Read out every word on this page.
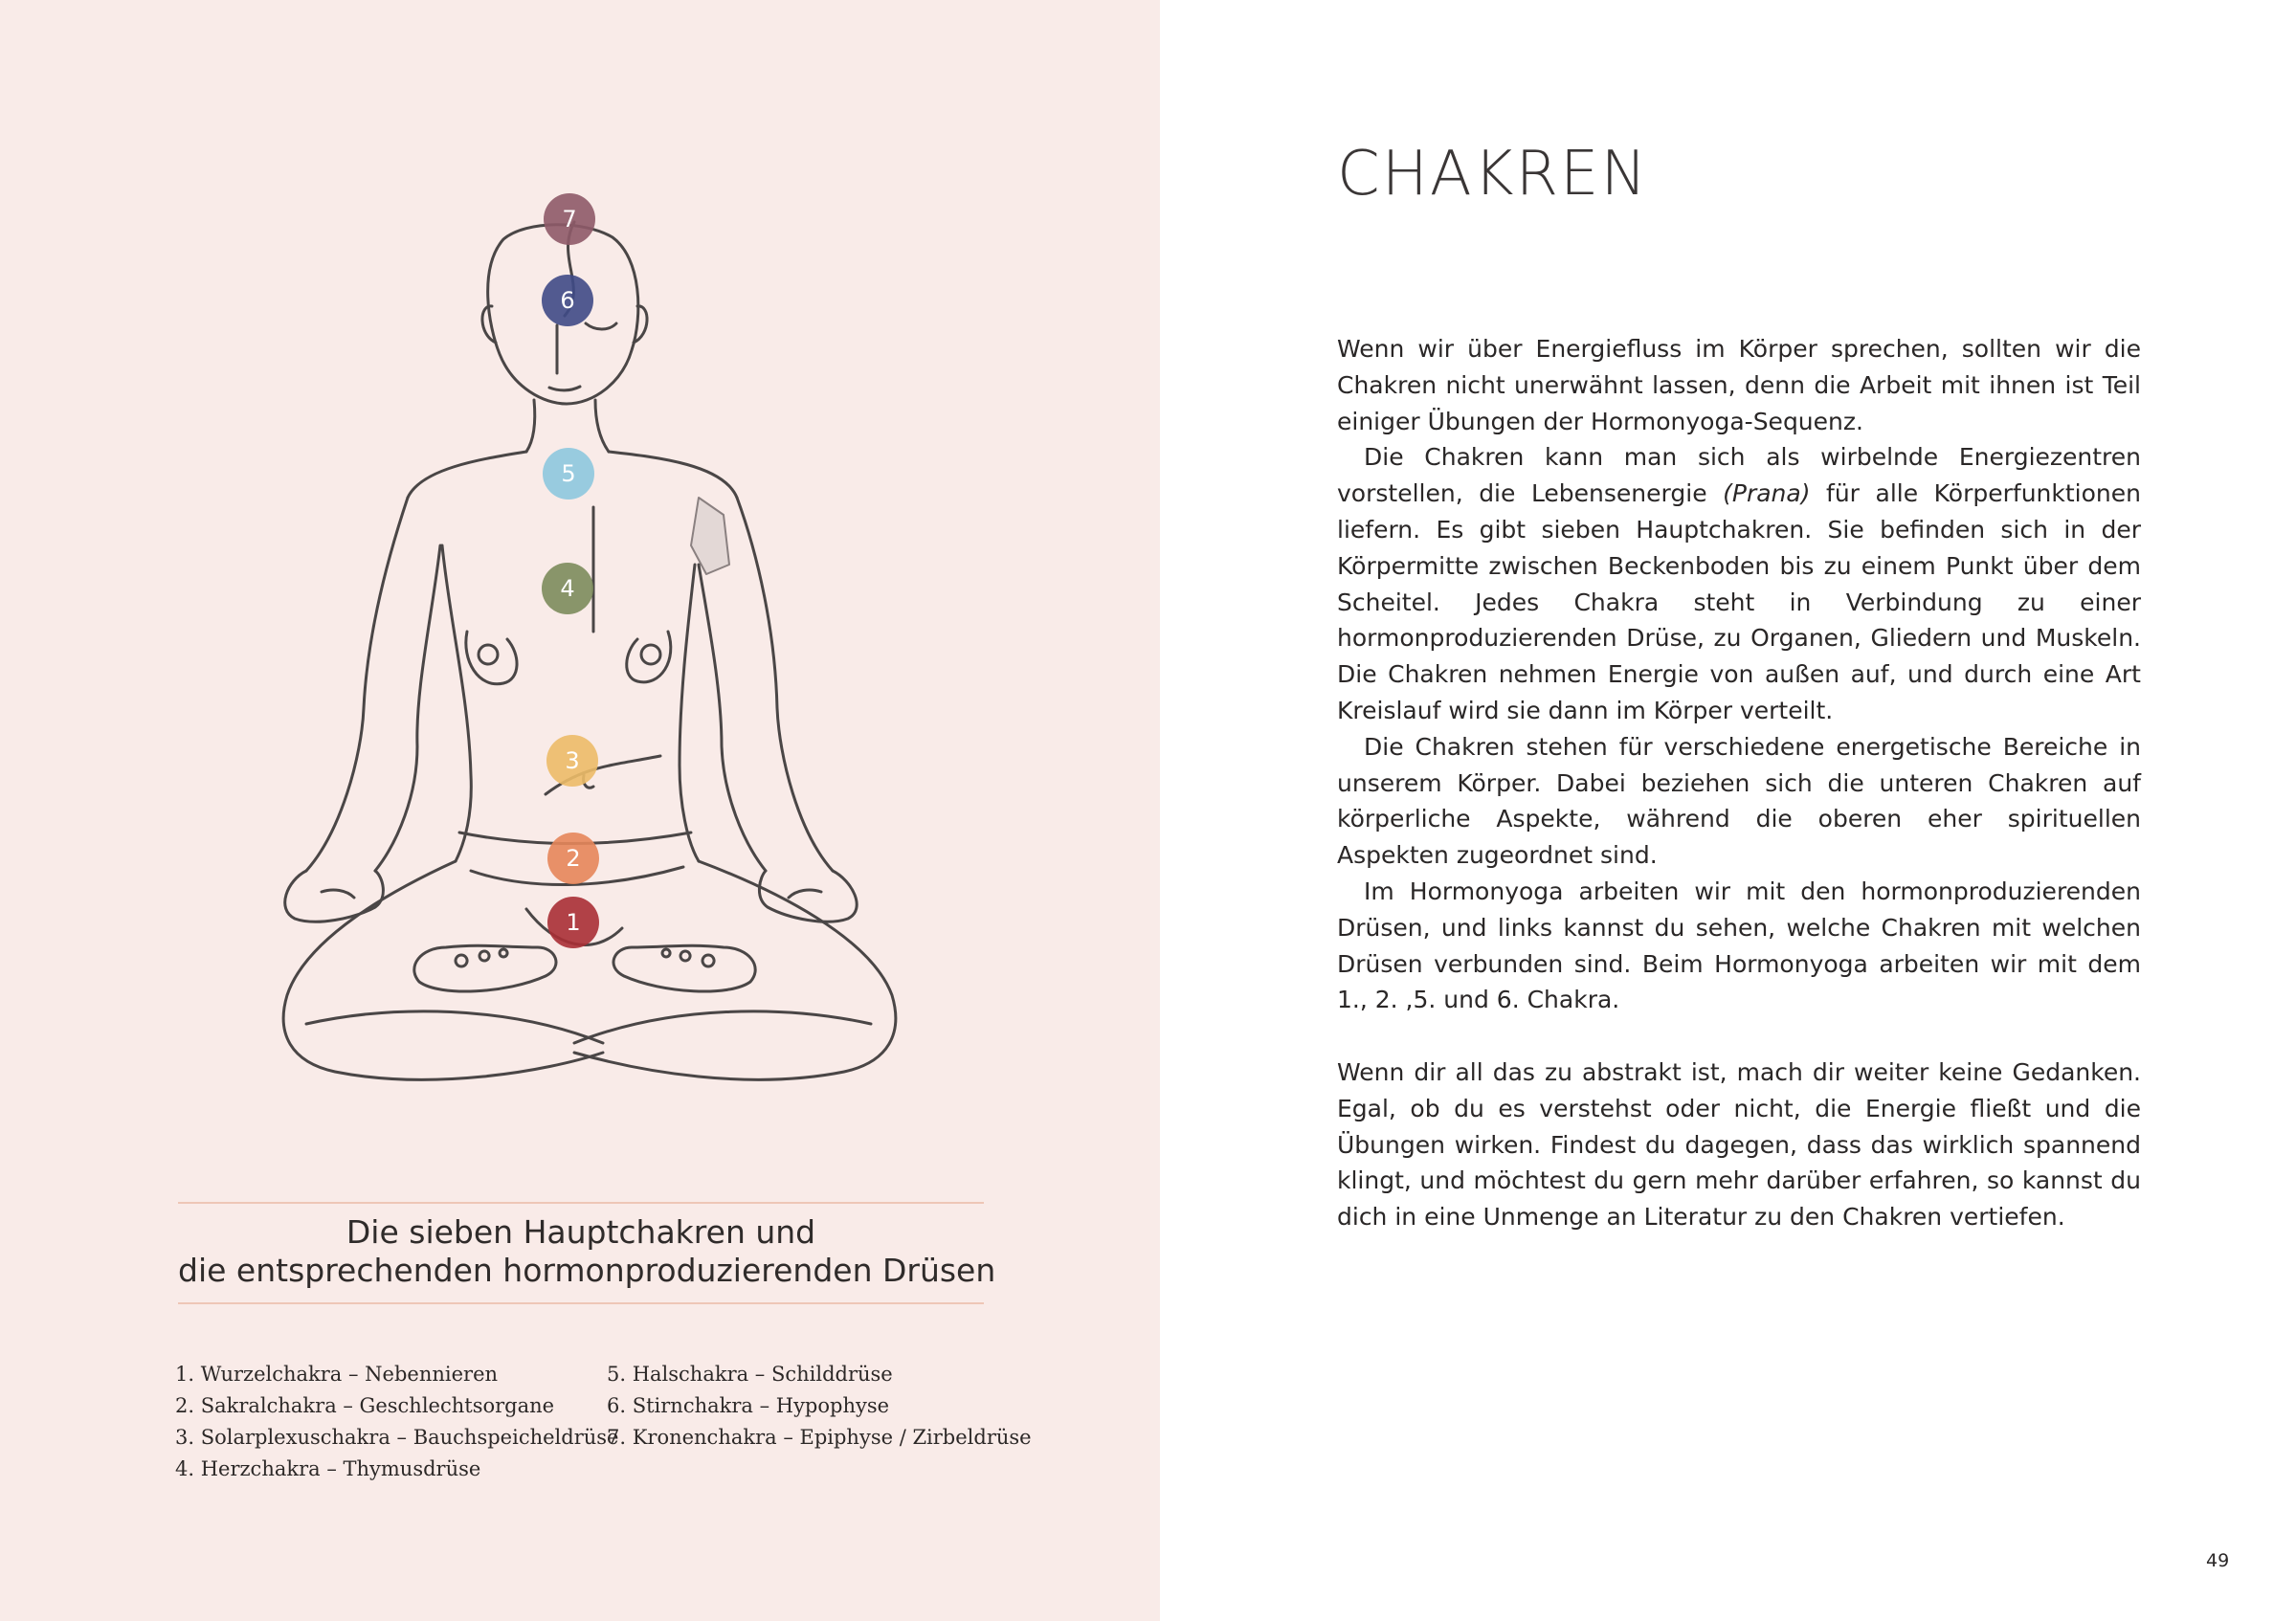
7
6
5
4
3
2
1
Die sieben Hauptchakren und
die entsprechenden hormonproduzierenden Drüsen
1. Wurzelchakra – Nebennieren
2. Sakralchakra – Geschlechtsorgane
3. Solarplexuschakra – Bauchspeicheldrüse
4. Herzchakra – Thymusdrüse
5. Halschakra – Schilddrüse
6. Stirnchakra – Hypophyse
7. Kronenchakra – Epiphyse / Zirbeldrüse
CHAKREN

Wenn wir über Energiefluss im Körper sprechen, sollten wir die Chakren nicht unerwähnt lassen, denn die Arbeit mit ihnen ist Teil einiger Übungen der Hormonyoga-Sequenz.

Die Chakren kann man sich als wirbelnde Energiezentren vorstellen, die Lebensenergie (Prana) für alle Körperfunktionen liefern. Es gibt sieben Hauptchakren. Sie befinden sich in der Körpermitte zwischen Beckenboden bis zu einem Punkt über dem Scheitel. Jedes Chakra steht in Verbindung zu einer hormonproduzierenden Drüse, zu Organen, Gliedern und Muskeln. Die Chakren nehmen Energie von außen auf, und durch eine Art Kreislauf wird sie dann im Körper verteilt.

Die Chakren stehen für verschiedene energetische Bereiche in unserem Körper. Dabei beziehen sich die unteren Chakren auf körperliche Aspekte, während die oberen eher spirituellen Aspekten zugeordnet sind.

Im Hormonyoga arbeiten wir mit den hormonproduzierenden Drüsen, und links kannst du sehen, welche Chakren mit welchen Drüsen verbunden sind. Beim Hormonyoga arbeiten wir mit dem 1., 2. ,5. und 6. Chakra.

Wenn dir all das zu abstrakt ist, mach dir weiter keine Gedanken. Egal, ob du es verstehst oder nicht, die Energie fließt und die Übungen wirken. Findest du dagegen, dass das wirklich spannend klingt, und möchtest du gern mehr darüber erfahren, so kannst du dich in eine Unmenge an Literatur zu den Chakren vertiefen.

49
